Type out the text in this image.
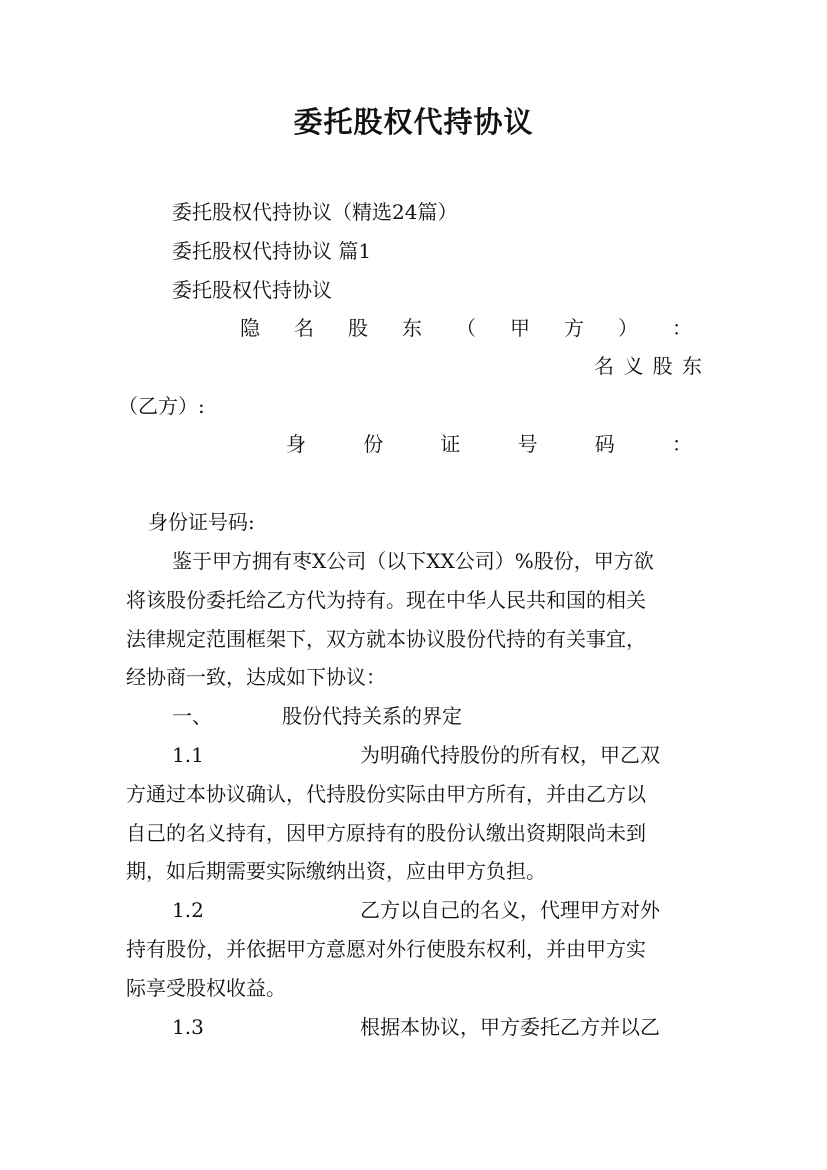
委托股权代持协议
委托股权代持协议（精选24篇）
委托股权代持协议 篇1
委托股权代持协议
隐 名 股 东 （ 甲 方 ） ：
名 义 股 东
（乙方）:
身	份	证	号	码	：
身份证号码:
鉴于甲方拥有枣X公司（以下XX公司）%股份，甲方欲
将该股份委托给乙方代为持有。现在中华人民共和国的相关
法律规定范围框架下，双方就本协议股份代持的有关事宜，
经协商一致，达成如下协议：
一、	股份代持关系的界定
1.1	为明确代持股份的所有权，甲乙双
方通过本协议确认，代持股份实际由甲方所有，并由乙方以
自己的名义持有，因甲方原持有的股份认缴出资期限尚未到
期，如后期需要实际缴纳出资，应由甲方负担。
1.2	乙方以自己的名义，代理甲方对外
持有股份，并依据甲方意愿对外行使股东权利，并由甲方实
际享受股权收益。
1.3	根据本协议，甲方委托乙方并以乙
